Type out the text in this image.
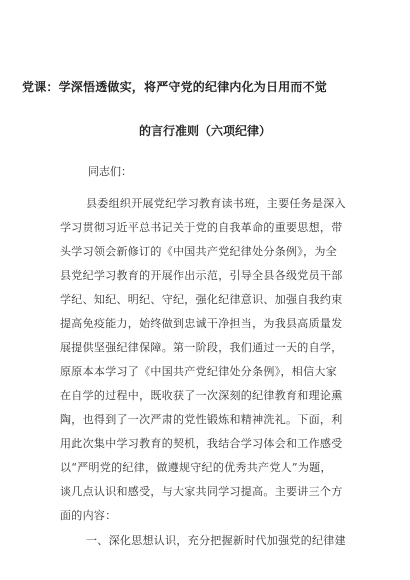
党课：学深悟透做实，将严守党的纪律内化为日用而不觉
的言行准则（六项纪律）
同志们：
县委组织开展党纪学习教育读书班，主要任务是深入
学习贯彻习近平总书记关于党的自我革命的重要思想，带
头学习领会新修订的《中国共产党纪律处分条例》，为全
县党纪学习教育的开展作出示范，引导全县各级党员干部
学纪、知纪、明纪、守纪，强化纪律意识、加强自我约束
提高免疫能力，始终做到忠诚干净担当，为我县高质量发
展提供坚强纪律保障。第一阶段，我们通过一天的自学，
原原本本学习了《中国共产党纪律处分条例》，相信大家
在自学的过程中，既收获了一次深刻的纪律教育和理论熏
陶，也得到了一次严肃的党性锻炼和精神洗礼。下面，利
用此次集中学习教育的契机，我结合学习体会和工作感受
以“严明党的纪律，做遵规守纪的优秀共产党人”为题，
谈几点认识和感受，与大家共同学习提高。主要讲三个方
面的内容：
一、深化思想认识，充分把握新时代加强党的纪律建
